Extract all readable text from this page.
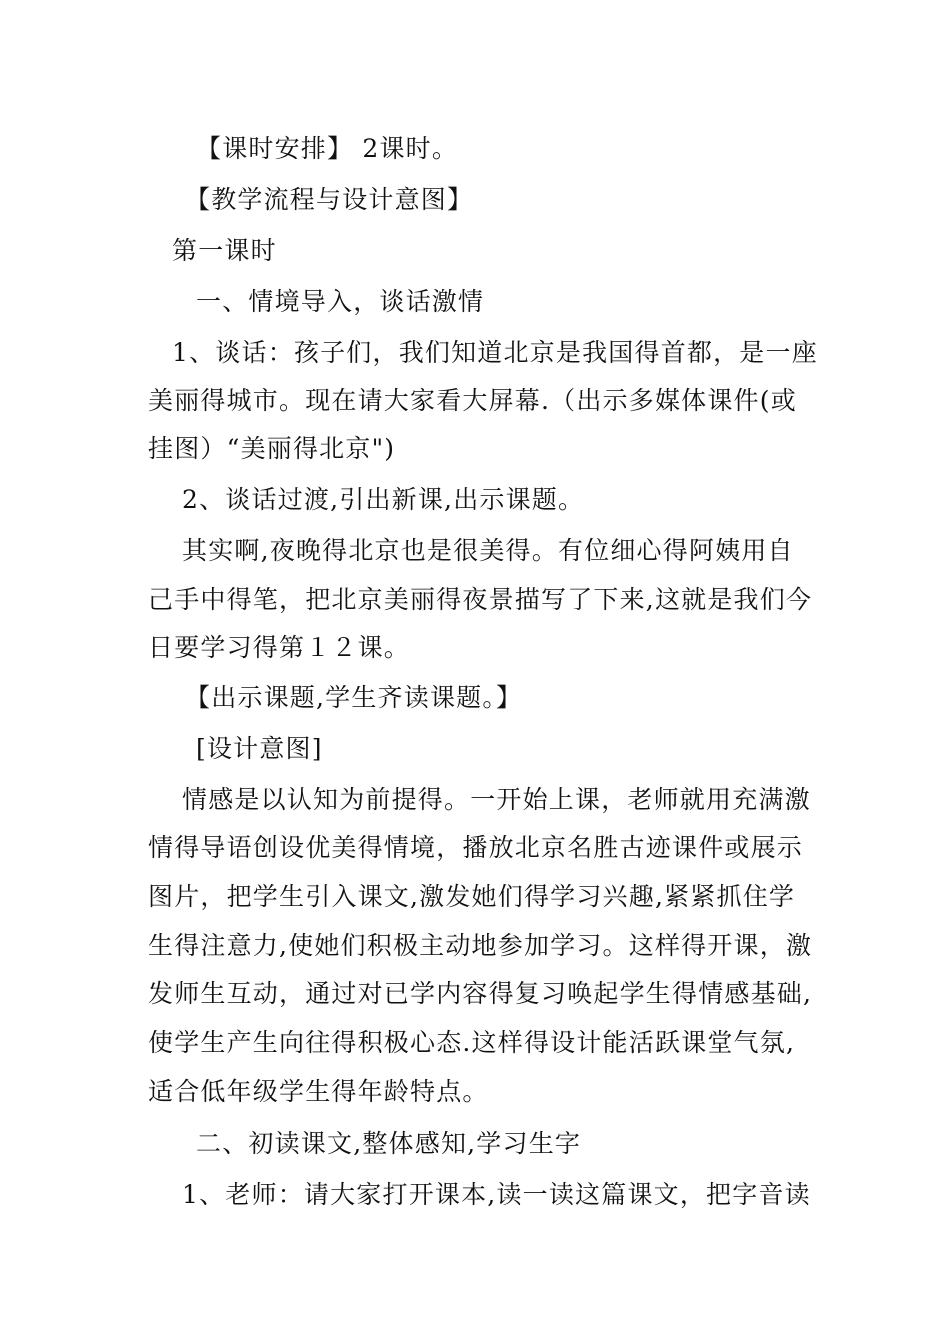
【课时安排】 2课时。
【教学流程与设计意图】
第一课时
一、情境导入，谈话激情
1、谈话：孩子们，我们知道北京是我国得首都，是一座
美丽得城市。现在请大家看大屏幕.（出示多媒体课件(或
挂图）“美丽得北京")
2、谈话过渡,引出新课,出示课题。
其实啊,夜晚得北京也是很美得。有位细心得阿姨用自
己手中得笔，把北京美丽得夜景描写了下来,这就是我们今
日要学习得第１２课。
【出示课题,学生齐读课题。】
[设计意图]
情感是以认知为前提得。一开始上课，老师就用充满激
情得导语创设优美得情境，播放北京名胜古迹课件或展示
图片，把学生引入课文,激发她们得学习兴趣,紧紧抓住学
生得注意力,使她们积极主动地参加学习。这样得开课，激
发师生互动，通过对已学内容得复习唤起学生得情感基础,
使学生产生向往得积极心态.这样得设计能活跃课堂气氛,
适合低年级学生得年龄特点。
二、初读课文,整体感知,学习生字
1、老师：请大家打开课本,读一读这篇课文，把字音读
